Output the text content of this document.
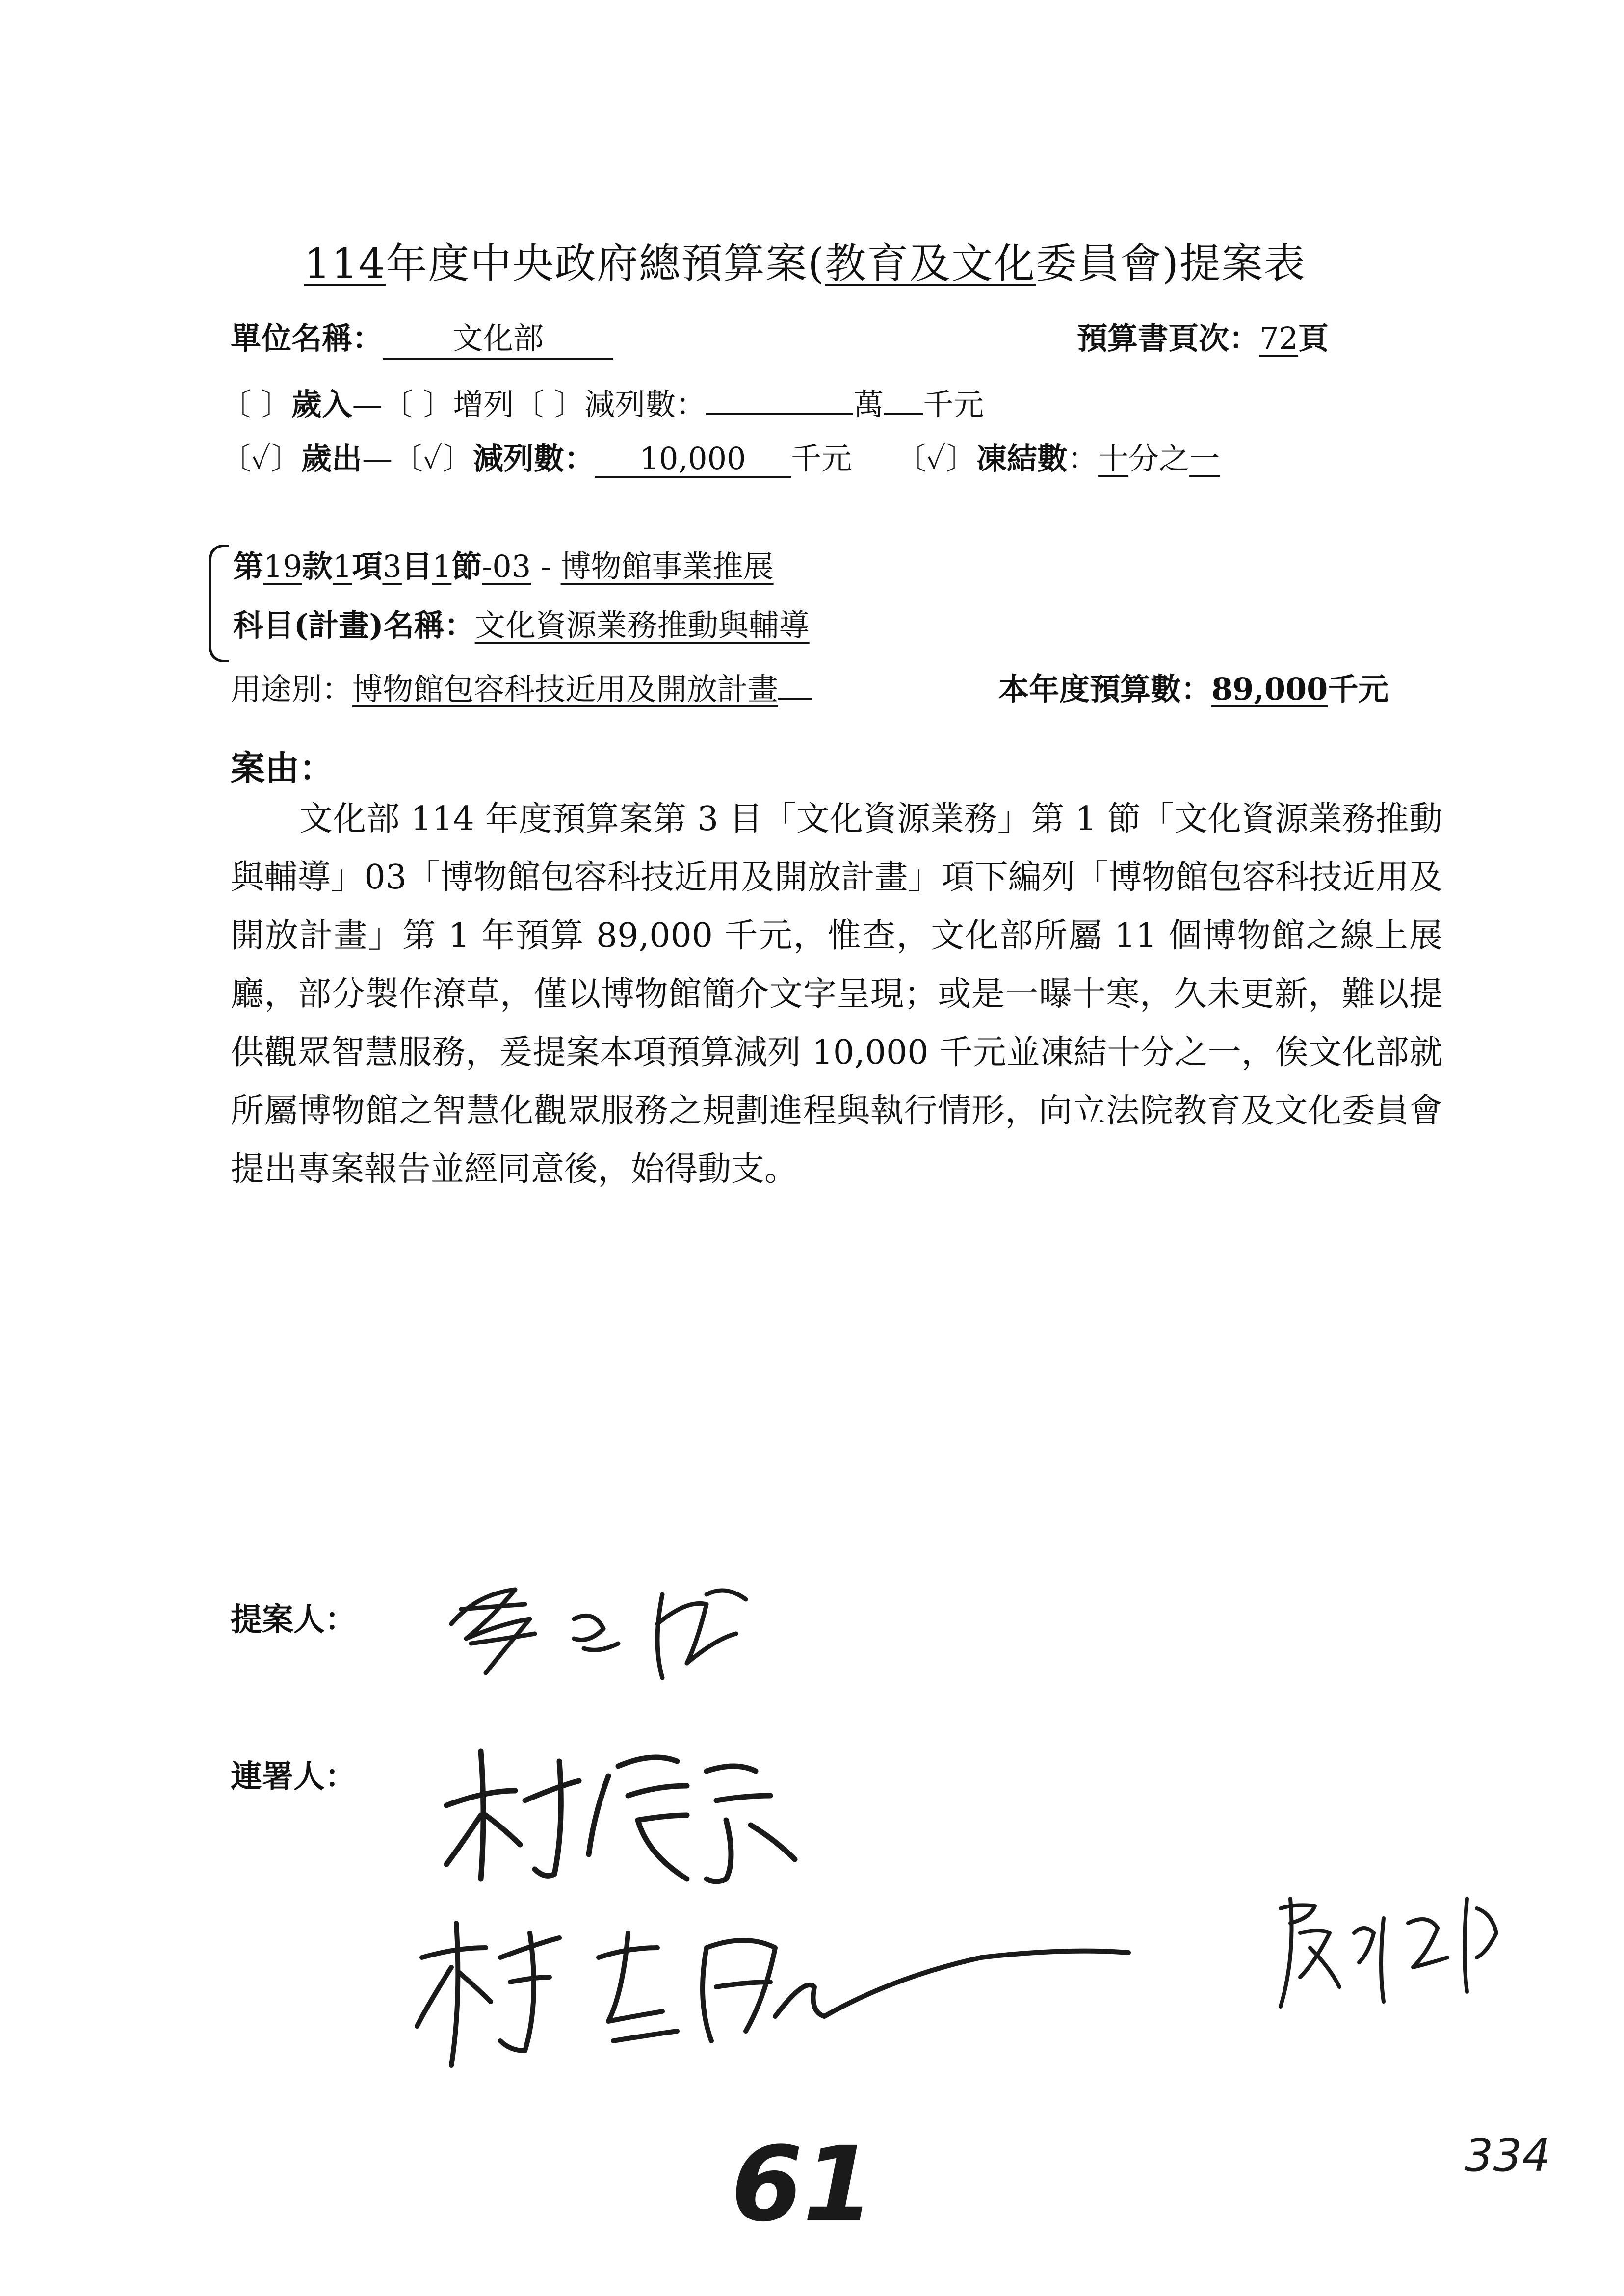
114年度中央政府總預算案(教育及文化委員會)提案表
單位名稱： 文化部	預算書頁次：72頁
〔 〕歲入—〔 〕增列〔 〕減列數：	萬 千元
〔✓〕歲出—〔✓〕減列數： 10,000 千元 〔✓〕凍結數：十分之一
第19款1項3目1節-03 - 博物館事業推展
科目(計畫)名稱：文化資源業務推動與輔導
用途別：博物館包容科技近用及開放計畫	本年度預算數：89,000千元
案由：
文化部 114 年度預算案第 3 目「文化資源業務」第 1 節「文化資源業務推動與輔導」03「博物館包容科技近用及開放計畫」項下編列「博物館包容科技近用及開放計畫」第 1 年預算 89,000 千元，惟查，文化部所屬 11 個博物館之線上展廳，部分製作潦草，僅以博物館簡介文字呈現；或是一曝十寒，久未更新，難以提供觀眾智慧服務，爰提案本項預算減列 10,000 千元並凍結十分之一，俟文化部就所屬博物館之智慧化觀眾服務之規劃進程與執行情形，向立法院教育及文化委員會提出專案報告並經同意後，始得動支。
提案人：
連署人：
61	334
